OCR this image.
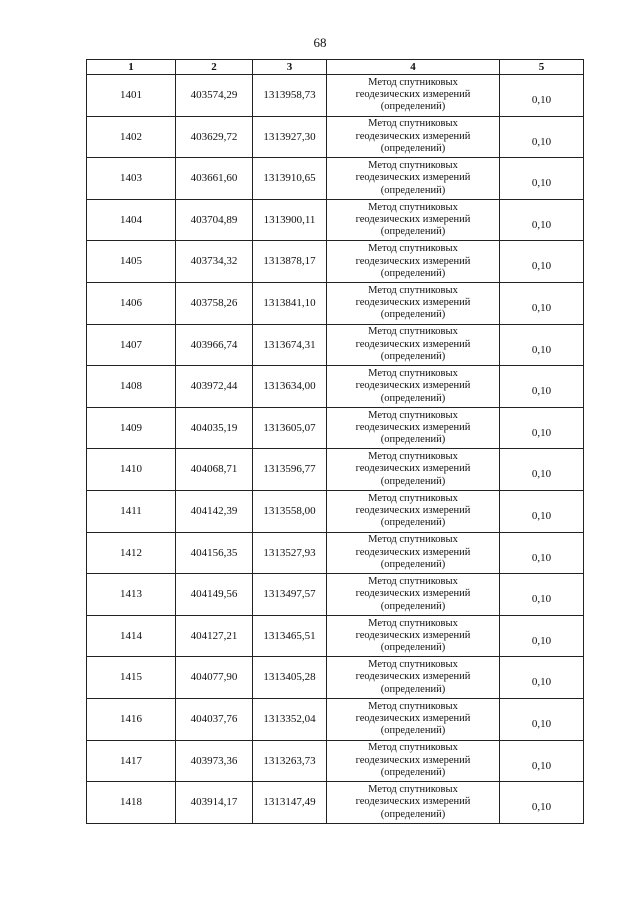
68
1	2	3	4	5
1401	403574,29	1313958,73	Метод спутниковых
геодезических измерений
(определений)	0,10

1402	403629,72	1313927,30	Метод спутниковых
геодезических измерений
(определений)	0,10

1403	403661,60	1313910,65	Метод спутниковых
геодезических измерений
(определений)	0,10

1404	403704,89	1313900,11	Метод спутниковых
геодезических измерений
(определений)	0,10

1405	403734,32	1313878,17	Метод спутниковых
геодезических измерений
(определений)	0,10

1406	403758,26	1313841,10	Метод спутниковых
геодезических измерений
(определений)	0,10

1407	403966,74	1313674,31	Метод спутниковых
геодезических измерений
(определений)	0,10

1408	403972,44	1313634,00	Метод спутниковых
геодезических измерений
(определений)	0,10

1409	404035,19	1313605,07	Метод спутниковых
геодезических измерений
(определений)	0,10

1410	404068,71	1313596,77	Метод спутниковых
геодезических измерений
(определений)	0,10

1411	404142,39	1313558,00	Метод спутниковых
геодезических измерений
(определений)	0,10

1412	404156,35	1313527,93	Метод спутниковых
геодезических измерений
(определений)	0,10

1413	404149,56	1313497,57	Метод спутниковых
геодезических измерений
(определений)	0,10

1414	404127,21	1313465,51	Метод спутниковых
геодезических измерений
(определений)	0,10

1415	404077,90	1313405,28	Метод спутниковых
геодезических измерений
(определений)	0,10

1416	404037,76	1313352,04	Метод спутниковых
геодезических измерений
(определений)	0,10

1417	403973,36	1313263,73	Метод спутниковых
геодезических измерений
(определений)	0,10

1418	403914,17	1313147,49	Метод спутниковых
геодезических измерений
(определений)	0,10
